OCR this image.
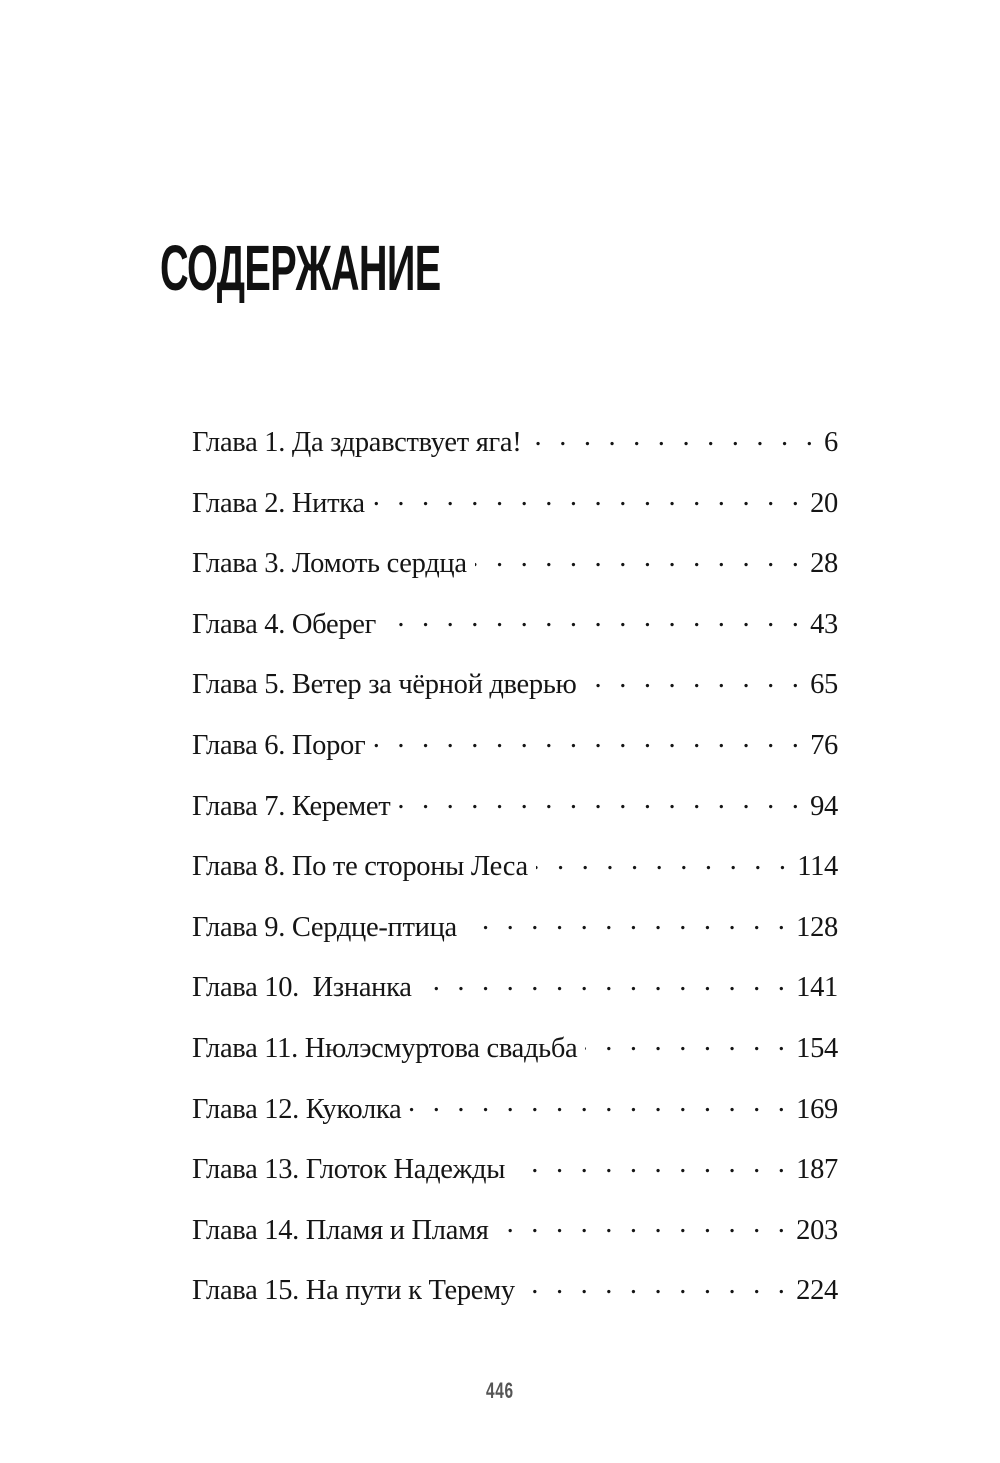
СОДЕРЖАНИЕ
Глава 1. Да здравствует яга! . . .	6
Глава 2. Нитка . . .	20
Глава 3. Ломоть сердца . . .	28
Глава 4. Оберег . . .	43
Глава 5. Ветер за чёрной дверью . . .	65
Глава 6. Порог . . .	76
Глава 7. Керемет . . .	94
Глава 8. По те стороны Леса . . .	114
Глава 9. Сердце-птица . . .	128
Глава 10.  Изнанка . . .	141
Глава 11. Нюлэсмуртова свадьба . . .	154
Глава 12. Куколка . . .	169
Глава 13. Глоток Надежды . . .	187
Глава 14. Пламя и Пламя . . .	203
Глава 15. На пути к Терему . . .	224
446
